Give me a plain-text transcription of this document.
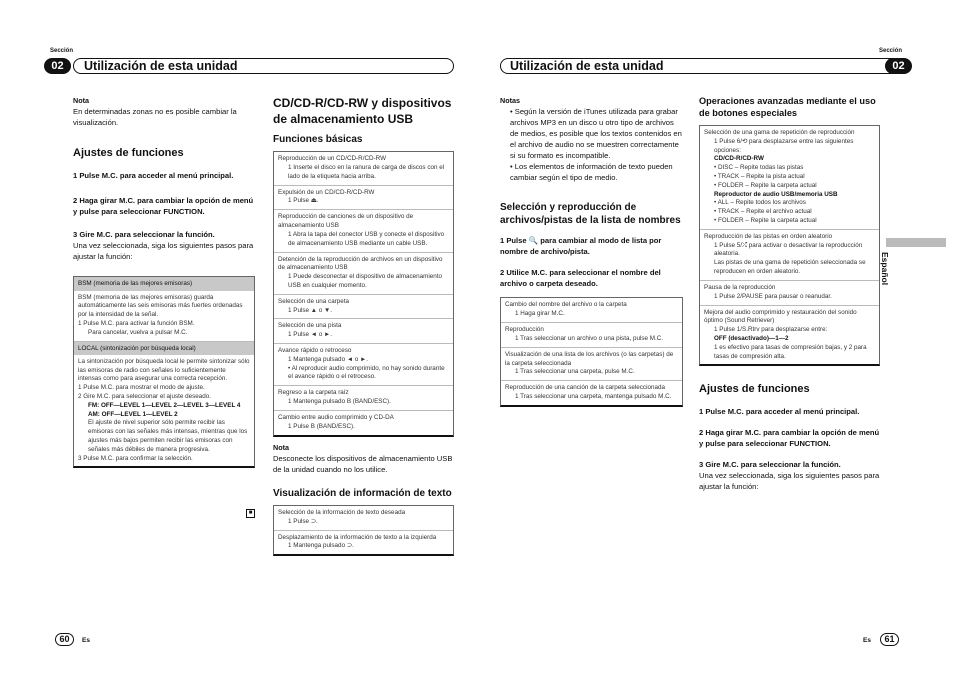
Sección
02	Utilización de esta unidad

Nota

En determinadas zonas no es posible cambiar la visualización.

Ajustes de funciones

1 Pulse M.C. para acceder al menú principal.

2 Haga girar M.C. para cambiar la opción de menú y pulse para seleccionar FUNCTION.

3 Gire M.C. para seleccionar la función.

Una vez seleccionada, siga los siguientes pasos para ajustar la función:

BSM (memoria de las mejores emisoras)

BSM (memoria de las mejores emisoras) guarda automáticamente las seis emisoras más fuertes ordenadas por la intensidad de la señal.

1 Pulse M.C. para activar la función BSM.

Para cancelar, vuelva a pulsar M.C.

LOCAL (sintonización por búsqueda local)

La sintonización por búsqueda local le permite sintonizar sólo las emisoras de radio con señales lo suficientemente intensas como para asegurar una correcta recepción.

1 Pulse M.C. para mostrar el modo de ajuste.

2 Gire M.C. para seleccionar el ajuste deseado.

FM: OFF—LEVEL 1—LEVEL 2—LEVEL 3—LEVEL 4

AM: OFF—LEVEL 1—LEVEL 2

El ajuste de nivel superior sólo permite recibir las emisoras con las señales más intensas, mientras que los ajustes más bajos permiten recibir las emisoras con señales más débiles de manera progresiva.

3 Pulse M.C. para confirmar la selección.

■
CD/CD-R/CD-RW y dispositivos de almacenamiento USB
Funciones básicas

Reproducción de un CD/CD-R/CD-RW

1 Inserte el disco en la ranura de carga de discos con el lado de la etiqueta hacia arriba.

Expulsión de un CD/CD-R/CD-RW

1 Pulse ⏏.

Reproducción de canciones de un dispositivo de almacenamiento USB

1 Abra la tapa del conector USB y conecte el dispositivo de almacenamiento USB mediante un cable USB.

Detención de la reproducción de archivos en un dispositivo de almacenamiento USB

1 Puede desconectar el dispositivo de almacenamiento USB en cualquier momento.

Selección de una carpeta

1 Pulse ▲ o ▼.

Selección de una pista

1 Pulse ◄ o ►.

Avance rápido o retroceso

1 Mantenga pulsado ◄ o ►.

• Al reproducir audio comprimido, no hay sonido durante el avance rápido o el retroceso.

Regreso a la carpeta raíz

1 Mantenga pulsado B (BAND/ESC).

Cambio entre audio comprimido y CD-DA

1 Pulse B (BAND/ESC).

Nota

Desconecte los dispositivos de almacenamiento USB de la unidad cuando no los utilice.

Visualización de información de texto

Selección de la información de texto deseada

1 Pulse ⊃.

Desplazamiento de la información de texto a la izquierda

1 Mantenga pulsado ⊃.

60	Es
Sección
02
Utilización de esta unidad

Notas

• Según la versión de iTunes utilizada para grabar archivos MP3 en un disco u otro tipo de archivos de medios, es posible que los textos contenidos en el archivo de audio no se muestren correctamente si su formato es incompatible.

• Los elementos de información de texto pueden cambiar según el tipo de medio.

Selección y reproducción de archivos/pistas de la lista de nombres

1 Pulse 🔍 para cambiar al modo de lista por nombre de archivo/pista.

2 Utilice M.C. para seleccionar el nombre del archivo o carpeta deseado.

Cambio del nombre del archivo o la carpeta

1 Haga girar M.C.

Reproducción

1 Tras seleccionar un archivo o una pista, pulse M.C.

Visualización de una lista de los archivos (o las carpetas) de la carpeta seleccionada

1 Tras seleccionar una carpeta, pulse M.C.

Reproducción de una canción de la carpeta seleccionada

1 Tras seleccionar una carpeta, mantenga pulsado M.C.

Operaciones avanzadas mediante el uso de botones especiales

Selección de una gama de repetición de reproducción

1 Pulse 6/⟲ para desplazarse entre las siguientes opciones:

CD/CD-R/CD-RW

• DISC – Repite todas las pistas

• TRACK – Repite la pista actual

• FOLDER – Repite la carpeta actual

Reproductor de audio USB/memoria USB

• ALL – Repite todos los archivos

• TRACK – Repite el archivo actual

• FOLDER – Repite la carpeta actual

Reproducción de las pistas en orden aleatorio

1 Pulse 5/⤮ para activar o desactivar la reproducción aleatoria.

Las pistas de una gama de repetición seleccionada se reproducen en orden aleatorio.

Pausa de la reproducción

1 Pulse 2/PAUSE para pausar o reanudar.

Mejora del audio comprimido y restauración del sonido óptimo (Sound Retriever)

1 Pulse 1/S.Rtrv para desplazarse entre:

OFF (desactivado)—1—2

1 es efectivo para tasas de compresión bajas, y 2 para tasas de compresión alta.

Ajustes de funciones

1 Pulse M.C. para acceder al menú principal.

2 Haga girar M.C. para cambiar la opción de menú y pulse para seleccionar FUNCTION.

3 Gire M.C. para seleccionar la función.

Una vez seleccionada, siga los siguientes pasos para ajustar la función:

61
Es
Español
